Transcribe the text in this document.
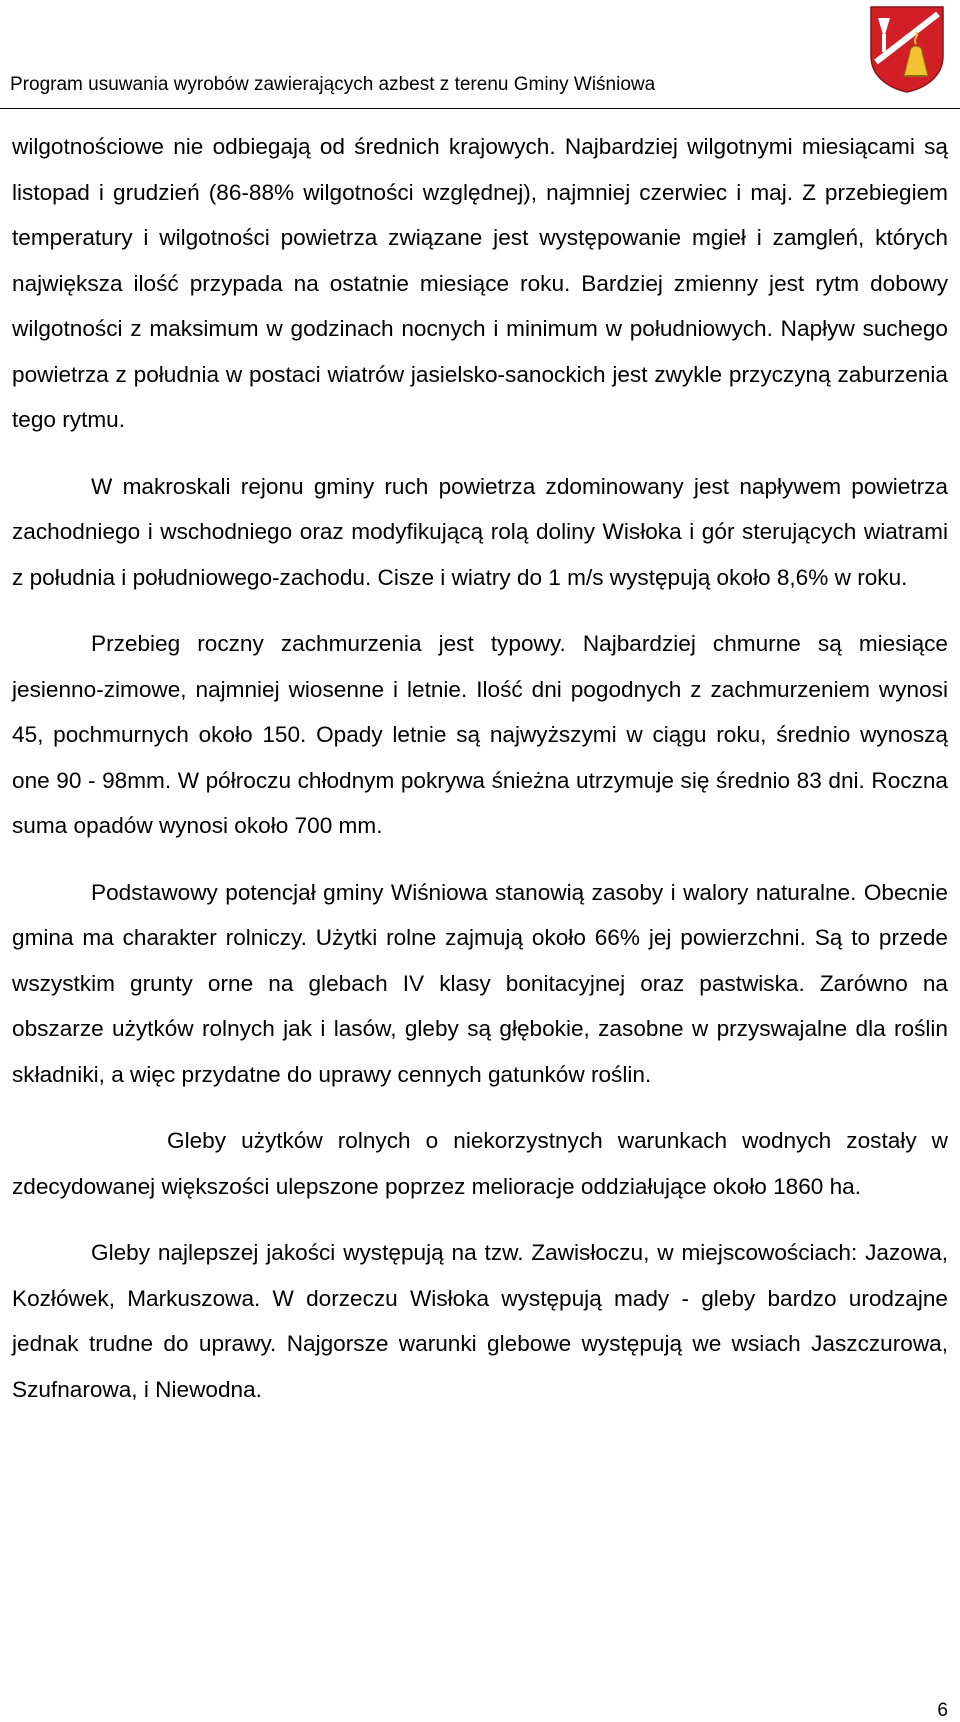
Program usuwania wyrobów zawierających azbest z terenu Gminy Wiśniowa

wilgotnościowe nie odbiegają od średnich krajowych. Najbardziej wilgotnymi miesiącami są listopad i grudzień (86-88% wilgotności względnej), najmniej czerwiec i maj. Z przebiegiem temperatury i wilgotności powietrza związane jest występowanie mgieł i zamgleń, których największa ilość przypada na ostatnie miesiące roku. Bardziej zmienny jest rytm dobowy wilgotności z maksimum w godzinach nocnych i minimum w południowych. Napływ suchego powietrza z południa w postaci wiatrów jasielsko-sanockich jest zwykle przyczyną zaburzenia tego rytmu.

W makroskali rejonu gminy ruch powietrza zdominowany jest napływem powietrza zachodniego i wschodniego oraz modyfikującą rolą doliny Wisłoka i gór sterujących wiatrami z południa i południowego-zachodu. Cisze i wiatry do 1 m/s występują około 8,6% w roku.

Przebieg roczny zachmurzenia jest typowy. Najbardziej chmurne są miesiące jesienno-zimowe, najmniej wiosenne i letnie. Ilość dni pogodnych z zachmurzeniem wynosi 45, pochmurnych około 150. Opady letnie są najwyższymi w ciągu roku, średnio wynoszą one 90 - 98mm. W półroczu chłodnym pokrywa śnieżna utrzymuje się średnio 83 dni. Roczna suma opadów wynosi około 700 mm.

Podstawowy potencjał gminy Wiśniowa stanowią zasoby i walory naturalne. Obecnie gmina ma charakter rolniczy. Użytki rolne zajmują około 66% jej powierzchni. Są to przede wszystkim grunty orne na glebach IV klasy bonitacyjnej oraz pastwiska. Zarówno na obszarze użytków rolnych jak i lasów, gleby są głębokie, zasobne w przyswajalne dla roślin składniki, a więc przydatne do uprawy cennych gatunków roślin.

Gleby użytków rolnych o niekorzystnych warunkach wodnych zostały w zdecydowanej większości ulepszone poprzez melioracje oddziałujące około 1860 ha.

Gleby najlepszej jakości występują na tzw. Zawisłoczu, w miejscowościach: Jazowa, Kozłówek, Markuszowa. W dorzeczu Wisłoka występują mady - gleby bardzo urodzajne jednak trudne do uprawy. Najgorsze warunki glebowe występują we wsiach Jaszczurowa, Szufnarowa, i Niewodna.

6
